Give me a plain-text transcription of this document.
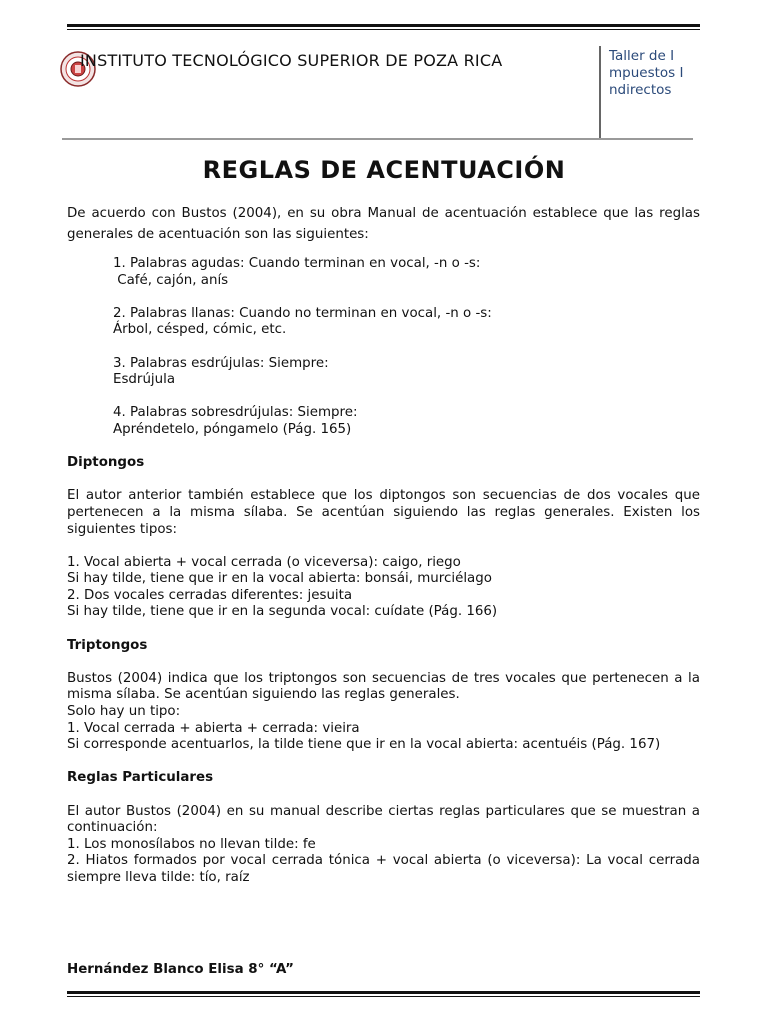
INSTITUTO TECNOLÓGICO SUPERIOR DE POZA RICA	Taller de Impuestos Indirectos
REGLAS DE ACENTUACIÓN

De acuerdo con Bustos (2004), en su obra Manual de acentuación establece que las reglas generales de acentuación son las siguientes:

1. Palabras agudas: Cuando terminan en vocal, -n o -s:

Café, cajón, anís

2. Palabras llanas: Cuando no terminan en vocal, -n o -s:

Árbol, césped, cómic, etc.

3. Palabras esdrújulas: Siempre:

Esdrújula

4. Palabras sobresdrújulas: Siempre:

Apréndetelo, póngamelo (Pág. 165)

Diptongos

El autor anterior también establece que los diptongos son secuencias de dos vocales que pertenecen a la misma sílaba. Se acentúan siguiendo las reglas generales. Existen los siguientes tipos:

1. Vocal abierta + vocal cerrada (o viceversa): caigo, riego

Si hay tilde, tiene que ir en la vocal abierta: bonsái, murciélago

2. Dos vocales cerradas diferentes: jesuita

Si hay tilde, tiene que ir en la segunda vocal: cuídate (Pág. 166)

Triptongos

Bustos (2004) indica que los triptongos son secuencias de tres vocales que pertenecen a la misma sílaba. Se acentúan siguiendo las reglas generales.

Solo hay un tipo:

1. Vocal cerrada + abierta + cerrada: vieira

Si corresponde acentuarlos, la tilde tiene que ir en la vocal abierta: acentuéis (Pág. 167)

Reglas Particulares

El autor Bustos (2004) en su manual describe ciertas reglas particulares que se muestran a continuación:

1. Los monosílabos no llevan tilde: fe

2. Hiatos formados por vocal cerrada tónica + vocal abierta (o viceversa): La vocal cerrada siempre lleva tilde: tío, raíz

Hernández Blanco Elisa 8° “A”
